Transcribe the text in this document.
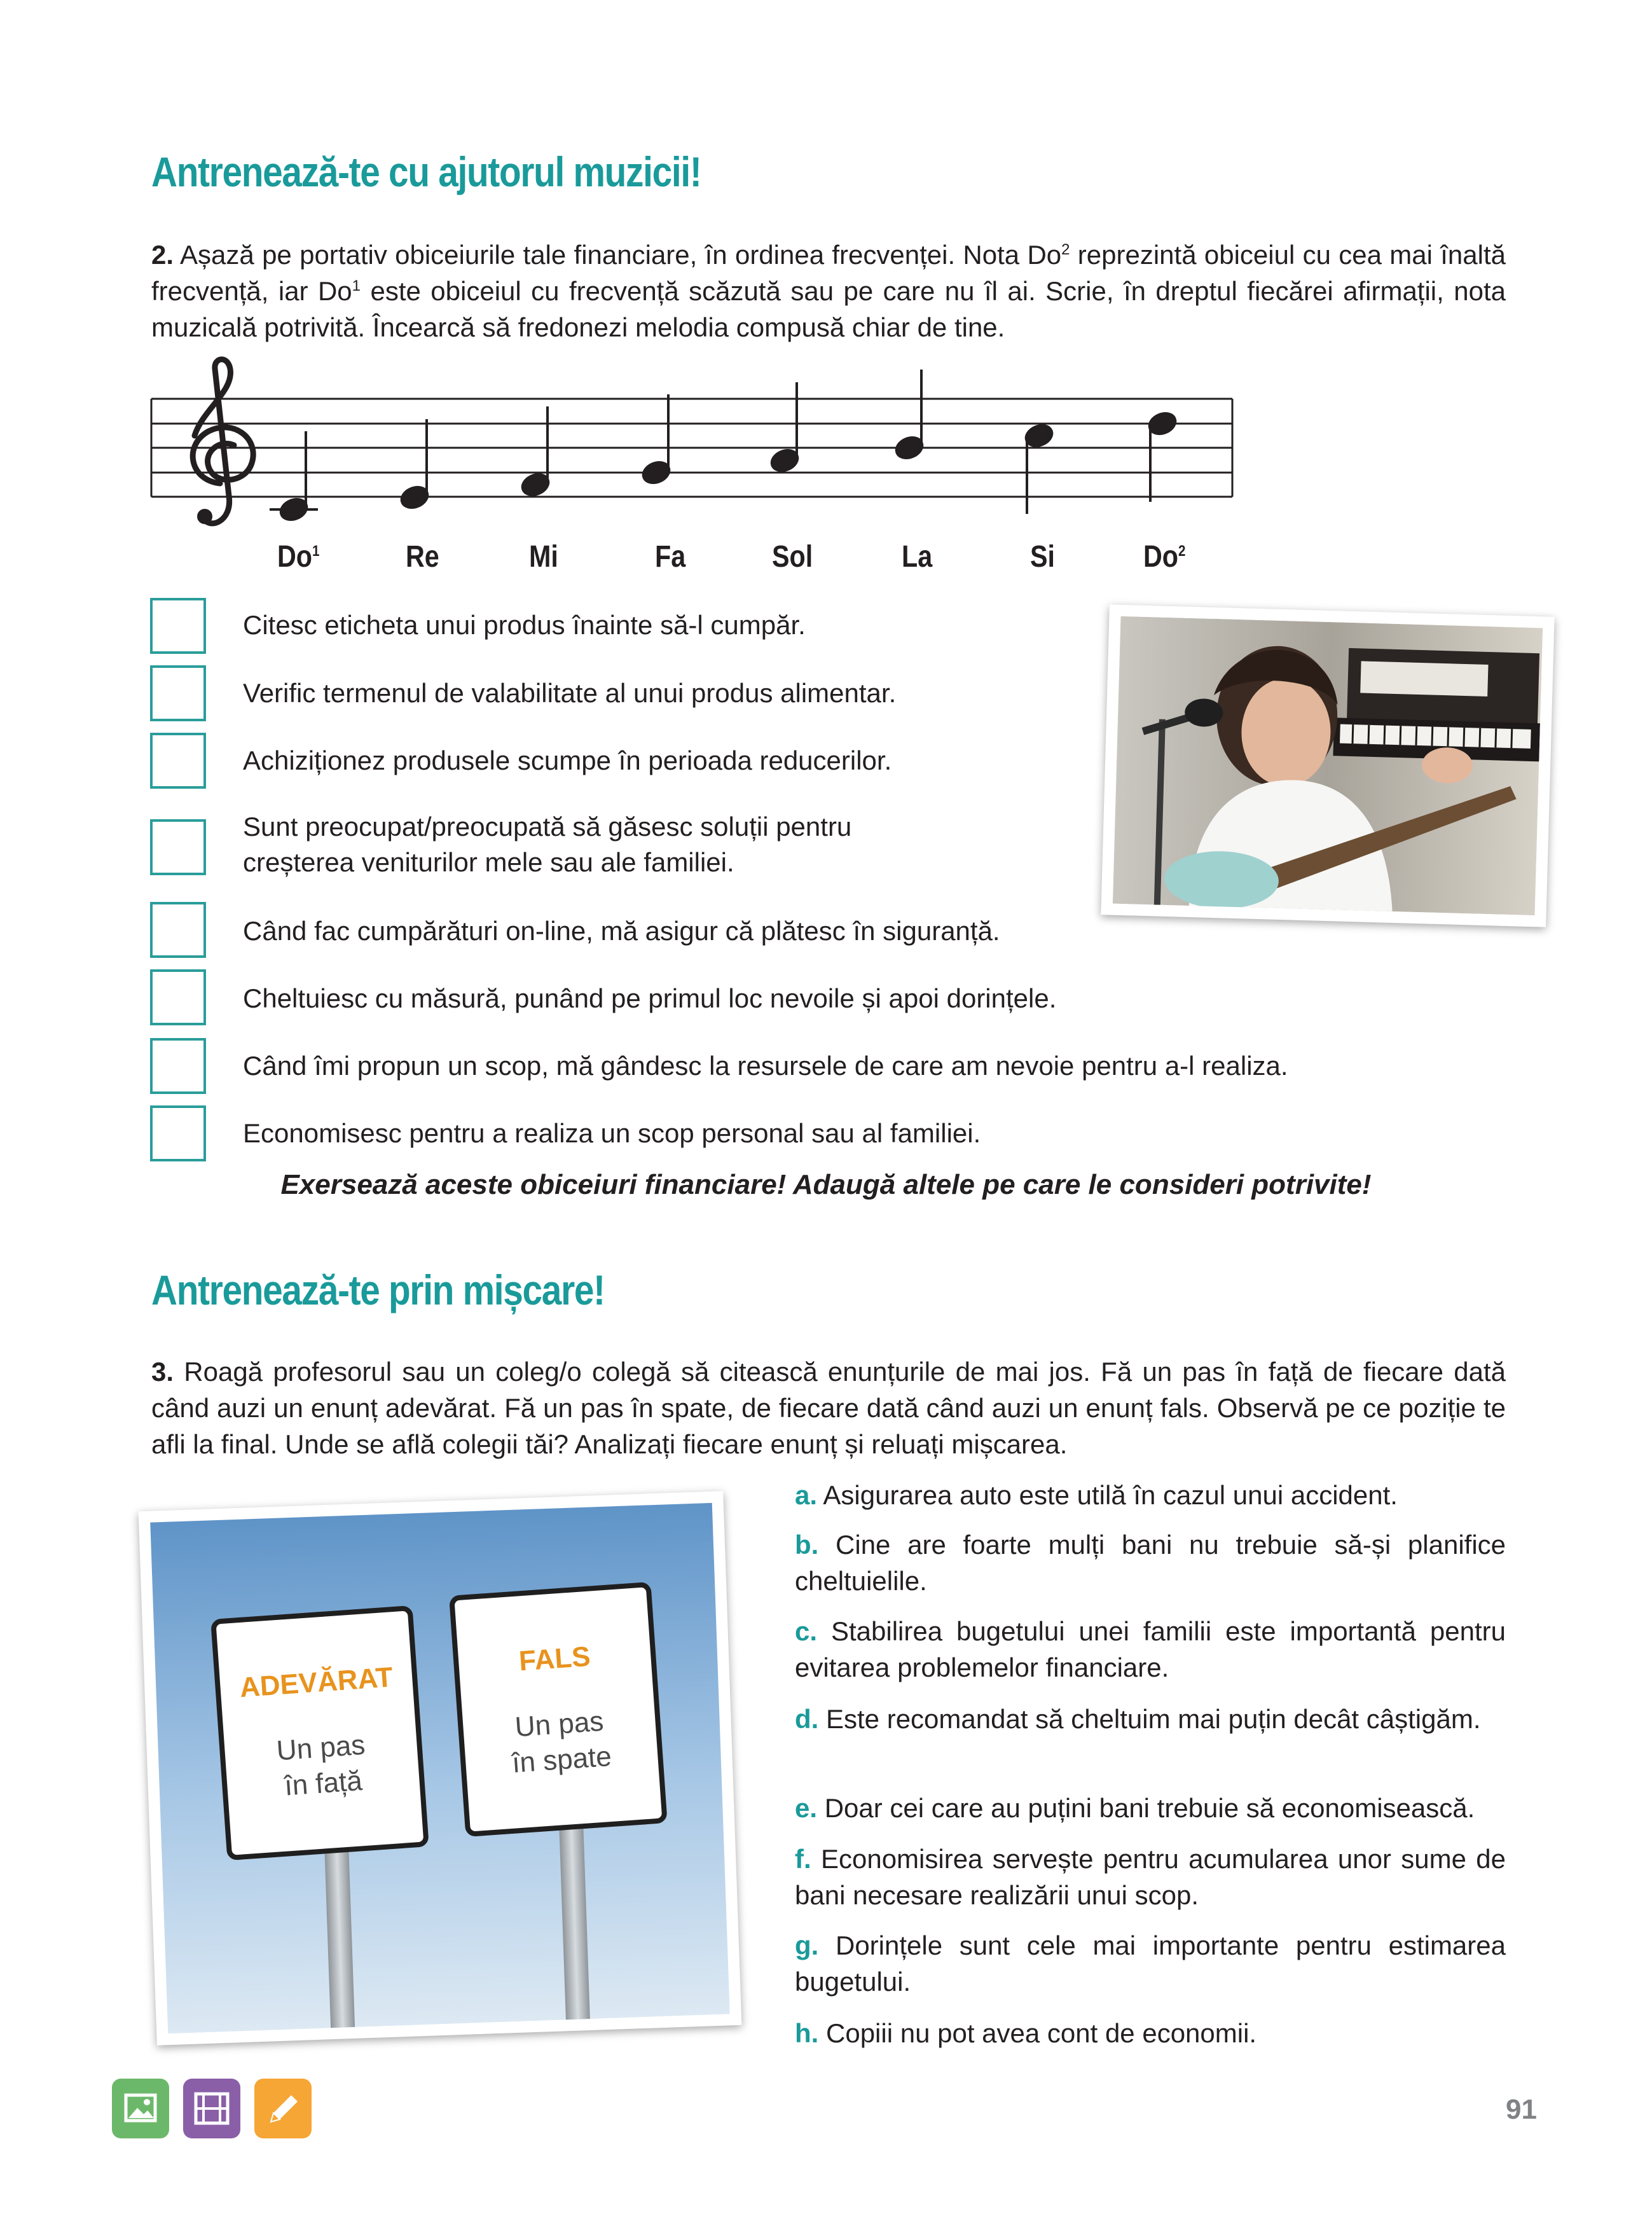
Antrenează-te cu ajutorul muzicii!
2. Așază pe portativ obiceiurile tale financiare, în ordinea frecvenței. Nota Do$^2$ reprezintă obiceiul cu cea mai înaltă frecvență, iar Do$^1$ este obiceiul cu frecvență scăzută sau pe care nu îl ai. Scrie, în dreptul fiecărei afirmații, nota muzicală potrivită. Încearcă să fredonezi melodia compusă chiar de tine.
Do$^1$	Re	Mi	Fa	Sol	La	Si	Do$^2$
Citesc eticheta unui produs înainte să-l cumpăr.
Verific termenul de valabilitate al unui produs alimentar.
Achiziționez produsele scumpe în perioada reducerilor.
Sunt preocupat/preocupată să găsesc soluții pentru creșterea veniturilor mele sau ale familiei.
Când fac cumpărături on-line, mă asigur că plătesc în siguranță.
Cheltuiesc cu măsură, punând pe primul loc nevoile și apoi dorințele.
Când îmi propun un scop, mă gândesc la resursele de care am nevoie pentru a-l realiza.
Economisesc pentru a realiza un scop personal sau al familiei.
Exersează aceste obiceiuri financiare! Adaugă altele pe care le consideri potrivite!
Antrenează-te prin mișcare!
3. Roagă profesorul sau un coleg/o colegă să citească enunțurile de mai jos. Fă un pas în față de fiecare dată când auzi un enunț adevărat. Fă un pas în spate, de fiecare dată când auzi un enunț fals. Observă pe ce poziție te afli la final. Unde se află colegii tăi? Analizați fiecare enunț și reluați mișcarea.
ADEVĂRAT
Un pas
în față
FALS
Un pas
în spate
a. Asigurarea auto este utilă în cazul unui accident.
b. Cine are foarte mulți bani nu trebuie să-și planifice cheltuielile.
c. Stabilirea bugetului unei familii este importantă pentru evitarea problemelor financiare.
d. Este recomandat să cheltuim mai puțin decât câștigăm.
e. Doar cei care au puțini bani trebuie să economisească.
f. Economisirea servește pentru acumularea unor sume de bani necesare realizării unui scop.
g. Dorințele sunt cele mai importante pentru estimarea bugetului.
h. Copiii nu pot avea cont de economii.
91
